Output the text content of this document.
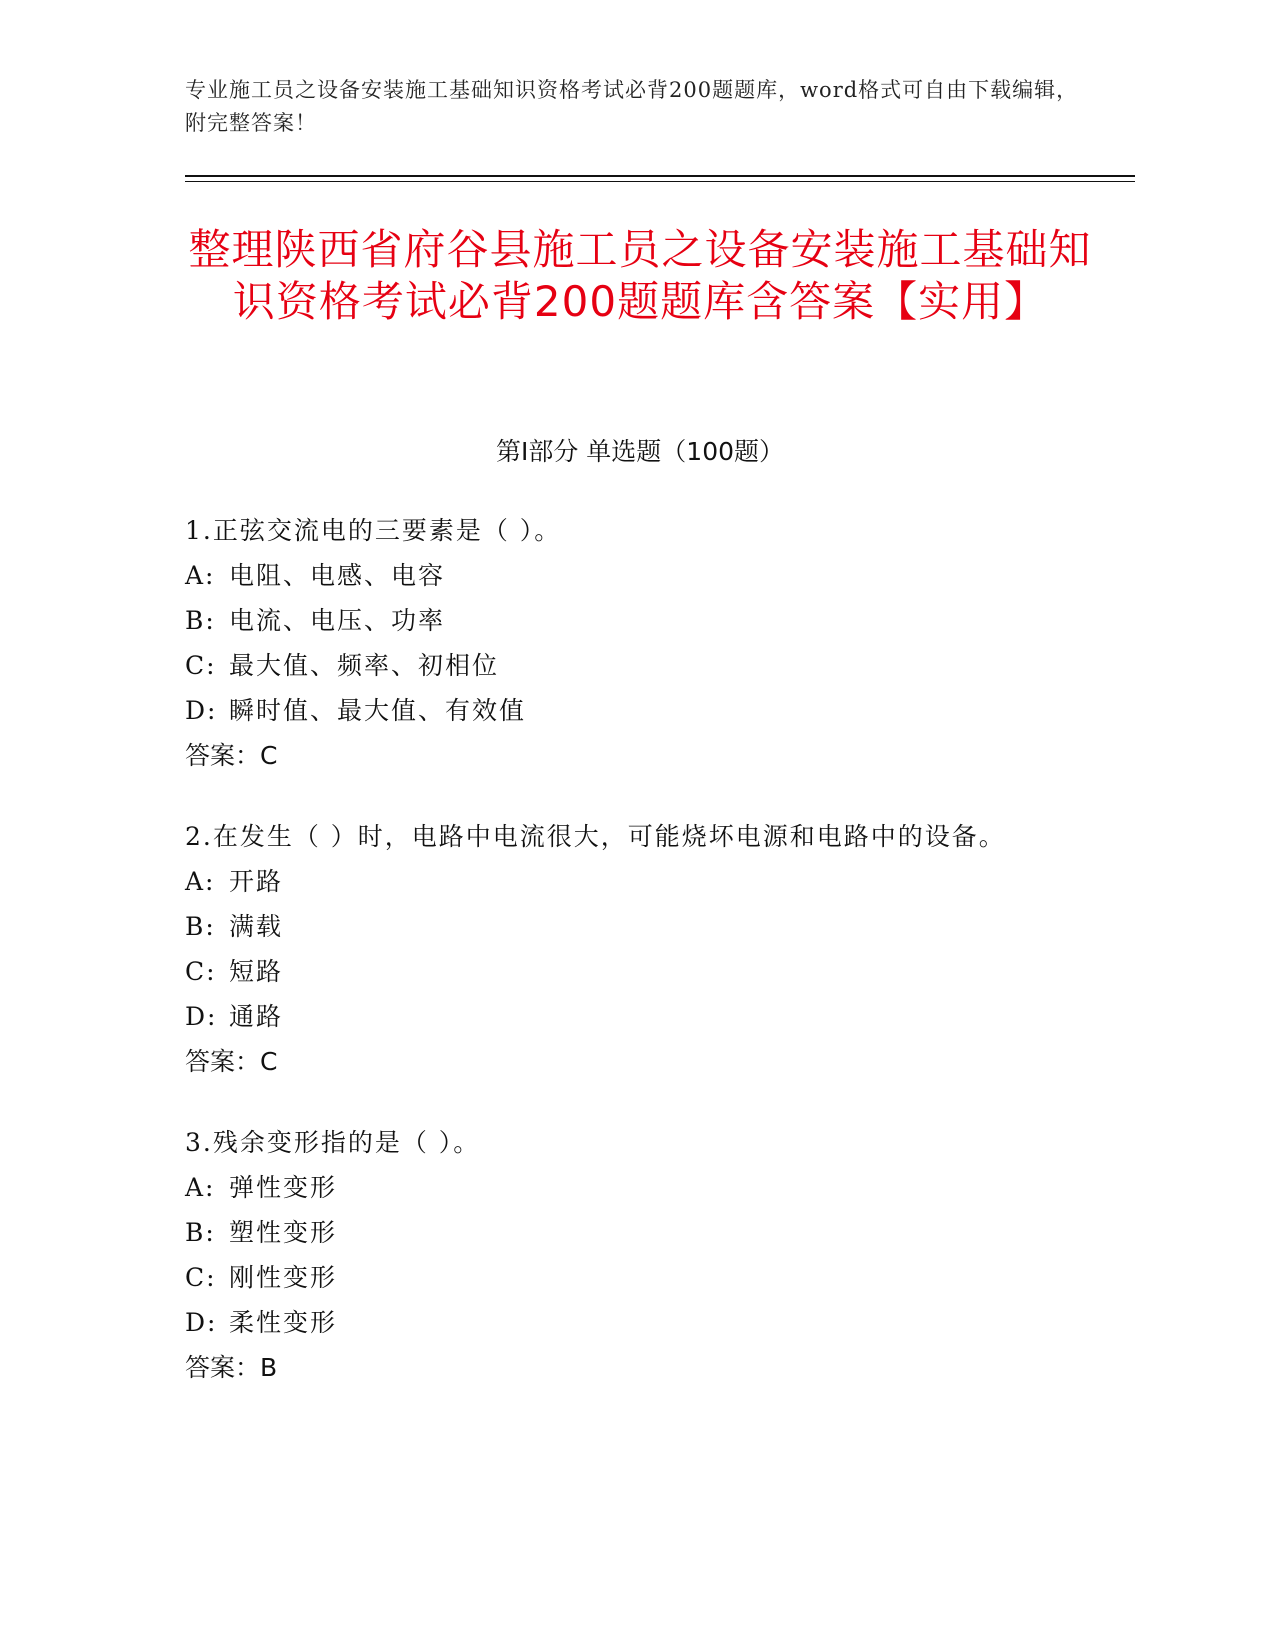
专业施工员之设备安装施工基础知识资格考试必背200题题库，word格式可自由下载编辑，附完整答案！
整理陕西省府谷县施工员之设备安装施工基础知识资格考试必背200题题库含答案【实用】
第Ⅰ部分 单选题（100题）
1.正弦交流电的三要素是（ ）。
A: 电阻、电感、电容
B: 电流、电压、功率
C: 最大值、频率、初相位
D: 瞬时值、最大值、有效值
答案：C
2.在发生（ ）时，电路中电流很大，可能烧坏电源和电路中的设备。
A: 开路
B: 满载
C: 短路
D: 通路
答案：C
3.残余变形指的是（ ）。
A: 弹性变形
B: 塑性变形
C: 刚性变形
D: 柔性变形
答案：B
